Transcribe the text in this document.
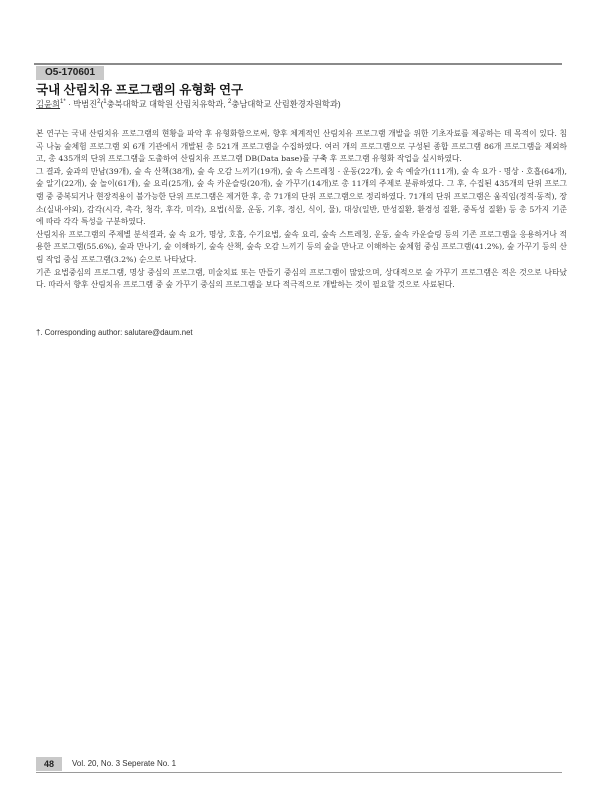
O5-170601
국내 산림치유 프로그램의 유형화 연구
김윤희$^{1*}$ · 박범진$^2$($^1$충북대학교 대학원 산림치유학과, $^2$충남대학교 산림환경자원학과)

본 연구는 국내 산림치유 프로그램의 현황을 파악 후 유형화함으로써, 향후 체계적인 산림치유 프로그램 개발을 위한 기초자료를 제공하는 데 목적이 있다. 침곡 나눔 숲체험 프로그램 외 6개 기관에서 개발된 총 521개 프로그램을 수집하였다. 여러 개의 프로그램으로 구성된 종합 프로그램 86개 프로그램을 제외하고, 총 435개의 단위 프로그램을 도출하여 산림치유 프로그램 DB(Data base)를 구축 후 프로그램 유형화 작업을 실시하였다.

그 결과, 숲과의 만남(39개), 숲 속 산책(38개), 숲 속 오감 느끼기(19개), 숲 속 스트레칭 · 운동(22개), 숲 속 예술가(111개), 숲 속 요가 · 명상 · 호흡(64개), 숲 알기(22개), 숲 놀이(61개), 숲 요리(25개), 숲 속 카운슬링(20개), 숲 가꾸기(14개)로 총 11개의 주제로 분류하였다. 그 후, 수집된 435개의 단위 프로그램 중 중복되거나 현장적용이 불가능한 단위 프로그램은 제거한 후, 총 71개의 단위 프로그램으로 정리하였다. 71개의 단위 프로그램은 움직임(정적·동적), 장소(실내·야외), 감각(시각, 촉각, 청각, 후각, 미각), 요법(식물, 운동, 기후, 정신, 식이, 물), 대상(일반, 만성질환, 환경성 질환, 중독성 질환) 등 총 5가지 기준에 따라 각각 특성을 구분하였다.

산림치유 프로그램의 주제별 분석결과, 숲 속 요가, 명상, 호흡, 수기요법, 숲속 요리, 숲속 스트레칭, 운동, 숲속 카운슬링 등의 기존 프로그램을 응용하거나 적용한 프로그램(55.6%), 숲과 만나기, 숲 이해하기, 숲속 산책, 숲속 오감 느끼기 등의 숲을 만나고 이해하는 숲체험 중심 프로그램(41.2%), 숲 가꾸기 등의 산림 작업 중심 프로그램(3.2%) 순으로 나타났다.

기존 요법중심의 프로그램, 명상 중심의 프로그램, 미술치료 또는 만들기 중심의 프로그램이 많았으며, 상대적으로 숲 가꾸기 프로그램은 적은 것으로 나타났다. 따라서 향후 산림치유 프로그램 중 숲 가꾸기 중심의 프로그램을 보다 적극적으로 개발하는 것이 필요할 것으로 사료된다.

†. Corresponding author: salutare@daum.net
48	Vol. 20, No. 3 Seperate No. 1
